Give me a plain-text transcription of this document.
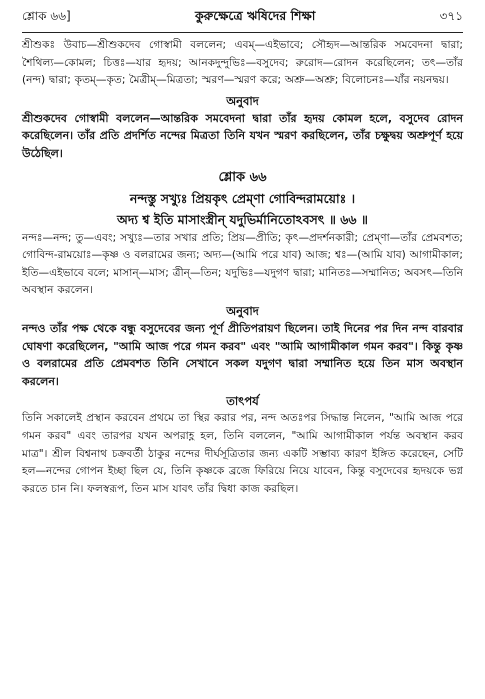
শ্লোক ৬৬]	কুরুক্ষেত্রে ঋষিদের শিক্ষা	৩৭১

শ্রীশুকঃ উবাচ—শ্রীশুকদেব গোস্বামী বললেন; এবম্—এইভাবে; সৌহৃদ—আন্তরিক সমবেদনা দ্বারা; শৈথিল্য—কোমল; চিত্তঃ—যার হৃদয়; আনকদুন্দুভিঃ—বসুদেব; রুরোদ—রোদন করেছিলেন; তৎ—তাঁর (নন্দ) দ্বারা; কৃতম্—কৃত; মৈত্রীম্—মিত্রতা; স্মরণ—স্মরণ করে; অশ্রু—অশ্রু; বিলোচনঃ—যাঁর নয়নদ্বয়।

অনুবাদ

শ্রীশুকদেব গোস্বামী বললেন—আন্তরিক সমবেদনা দ্বারা তাঁর হৃদয় কোমল হলে, বসুদেব রোদন করেছিলেন। তাঁর প্রতি প্রদর্শিত নন্দের মিত্রতা তিনি যখন স্মরণ করছিলেন, তাঁর চক্ষুদ্বয় অশ্রুপূর্ণ হয়ে উঠেছিল।

শ্লোক ৬৬

নন্দস্তু সখ্যুঃ প্রিয়কৃৎ প্রেম্ণা গোবিন্দরাময়োঃ ।

অদ্য শ্ব ইতি মাসাংস্ত্রীন্ যদুভির্মানিতোঽবসৎ ॥ ৬৬ ॥

নন্দঃ—নন্দ; তু—এবং; সখ্যুঃ—তার সখার প্রতি; প্রিয়—প্রীতি; কৃৎ—প্রদর্শনকারী; প্রেম্ণা—তাঁর প্রেমবশত; গোবিন্দ-রাময়োঃ—কৃষ্ণ ও বলরামের জন্য; অদ্য—(আমি পরে যাব) আজ; শ্বঃ—(আমি যাব) আগামীকাল; ইতি—এইভাবে বলে; মাসান্—মাস; ত্রীন্—তিন; যদুভিঃ—যদুগণ দ্বারা; মানিতঃ—সম্মানিত; অবসৎ—তিনি অবস্থান করলেন।

অনুবাদ

নন্দও তাঁর পক্ষ থেকে বন্ধু বসুদেবের জন্য পূর্ণ প্রীতিপরায়ণ ছিলেন। তাই দিনের পর দিন নন্দ বারবার ঘোষণা করেছিলেন, "আমি আজ পরে গমন করব" এবং "আমি আগামীকাল গমন করব"। কিন্তু কৃষ্ণ ও বলরামের প্রতি প্রেমবশত তিনি সেখানে সকল যদুগণ দ্বারা সম্মানিত হয়ে তিন মাস অবস্থান করলেন।

তাৎপর্য

তিনি সকালেই প্রস্থান করবেন প্রথমে তা স্থির করার পর, নন্দ অতঃপর সিদ্ধান্ত নিলেন, "আমি আজ পরে গমন করব" এবং তারপর যখন অপরাহ্ণ হল, তিনি বললেন, "আমি আগামীকাল পর্যন্ত অবস্থান করব মাত্র"। শ্রীল বিশ্বনাথ চক্রবর্তী ঠাকুর নন্দের দীর্ঘসূত্রিতার জন্য একটি সম্ভাব্য কারণ ইঙ্গিত করেছেন, সেটি হল—নন্দের গোপন ইচ্ছা ছিল যে, তিনি কৃষ্ণকে ব্রজে ফিরিয়ে নিয়ে যাবেন, কিন্তু বসুদেবের হৃদয়কে ভগ্ন করতে চান নি। ফলস্বরূপ, তিন মাস যাবৎ তাঁর দ্বিধা কাজ করছিল।
